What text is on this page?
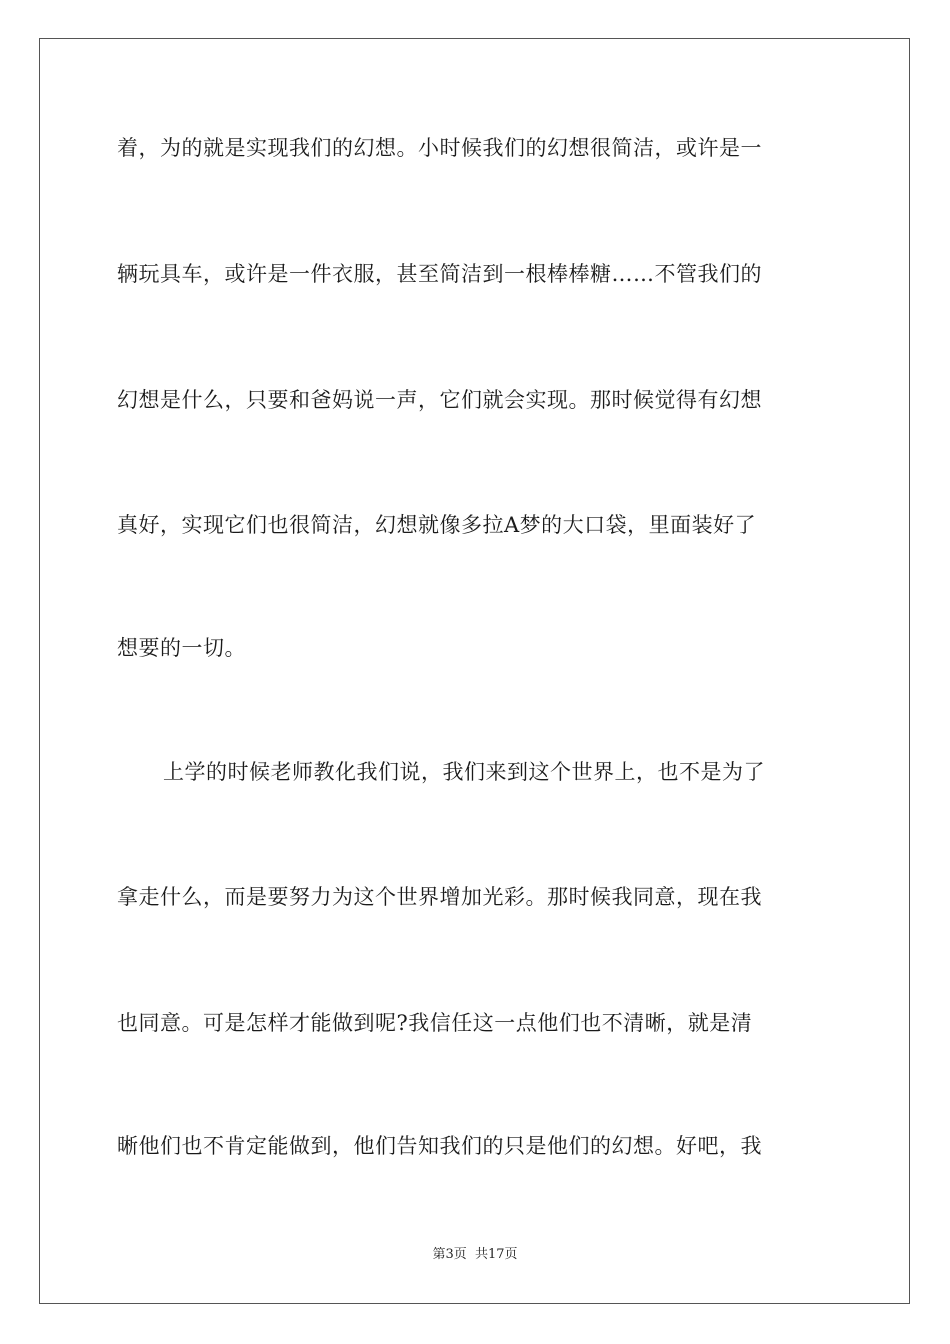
着，为的就是实现我们的幻想。小时候我们的幻想很简洁，或许是一
辆玩具车，或许是一件衣服，甚至简洁到一根棒棒糖……不管我们的
幻想是什么，只要和爸妈说一声，它们就会实现。那时候觉得有幻想
真好，实现它们也很简洁，幻想就像多拉A梦的大口袋，里面装好了
想要的一切。
上学的时候老师教化我们说，我们来到这个世界上，也不是为了
拿走什么，而是要努力为这个世界增加光彩。那时候我同意，现在我
也同意。可是怎样才能做到呢?我信任这一点他们也不清晰，就是清
晰他们也不肯定能做到，他们告知我们的只是他们的幻想。好吧，我
第3页  共17页
